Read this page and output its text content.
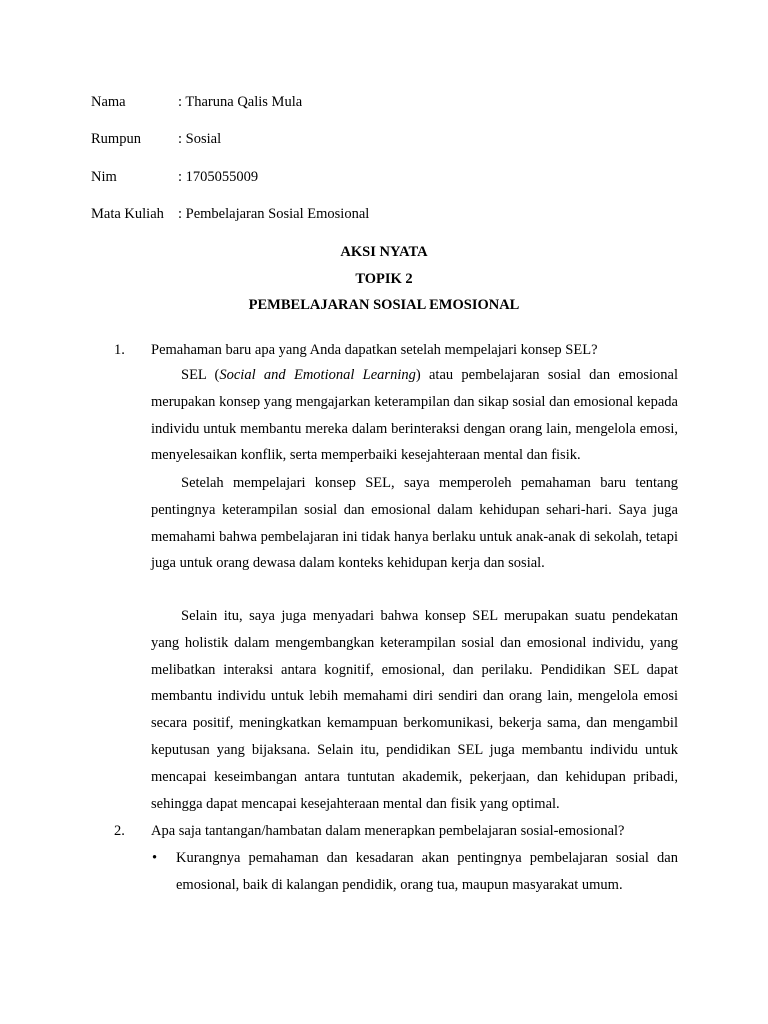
Nama	: Tharuna Qalis Mula
Rumpun	: Sosial
Nim	: 1705055009
Mata Kuliah : Pembelajaran Sosial Emosional
AKSI NYATA
TOPIK 2
PEMBELAJARAN SOSIAL EMOSIONAL
1. Pemahaman baru apa yang Anda dapatkan setelah mempelajari konsep SEL?
SEL (Social and Emotional Learning) atau pembelajaran sosial dan emosional merupakan konsep yang mengajarkan keterampilan dan sikap sosial dan emosional kepada individu untuk membantu mereka dalam berinteraksi dengan orang lain, mengelola emosi, menyelesaikan konflik, serta memperbaiki kesejahteraan mental dan fisik.
Setelah mempelajari konsep SEL, saya memperoleh pemahaman baru tentang pentingnya keterampilan sosial dan emosional dalam kehidupan sehari-hari. Saya juga memahami bahwa pembelajaran ini tidak hanya berlaku untuk anak-anak di sekolah, tetapi juga untuk orang dewasa dalam konteks kehidupan kerja dan sosial.
Selain itu, saya juga menyadari bahwa konsep SEL merupakan suatu pendekatan yang holistik dalam mengembangkan keterampilan sosial dan emosional individu, yang melibatkan interaksi antara kognitif, emosional, dan perilaku. Pendidikan SEL dapat membantu individu untuk lebih memahami diri sendiri dan orang lain, mengelola emosi secara positif, meningkatkan kemampuan berkomunikasi, bekerja sama, dan mengambil keputusan yang bijaksana. Selain itu, pendidikan SEL juga membantu individu untuk mencapai keseimbangan antara tuntutan akademik, pekerjaan, dan kehidupan pribadi, sehingga dapat mencapai kesejahteraan mental dan fisik yang optimal.
2. Apa saja tantangan/hambatan dalam menerapkan pembelajaran sosial-emosional?
• Kurangnya pemahaman dan kesadaran akan pentingnya pembelajaran sosial dan emosional, baik di kalangan pendidik, orang tua, maupun masyarakat umum.
